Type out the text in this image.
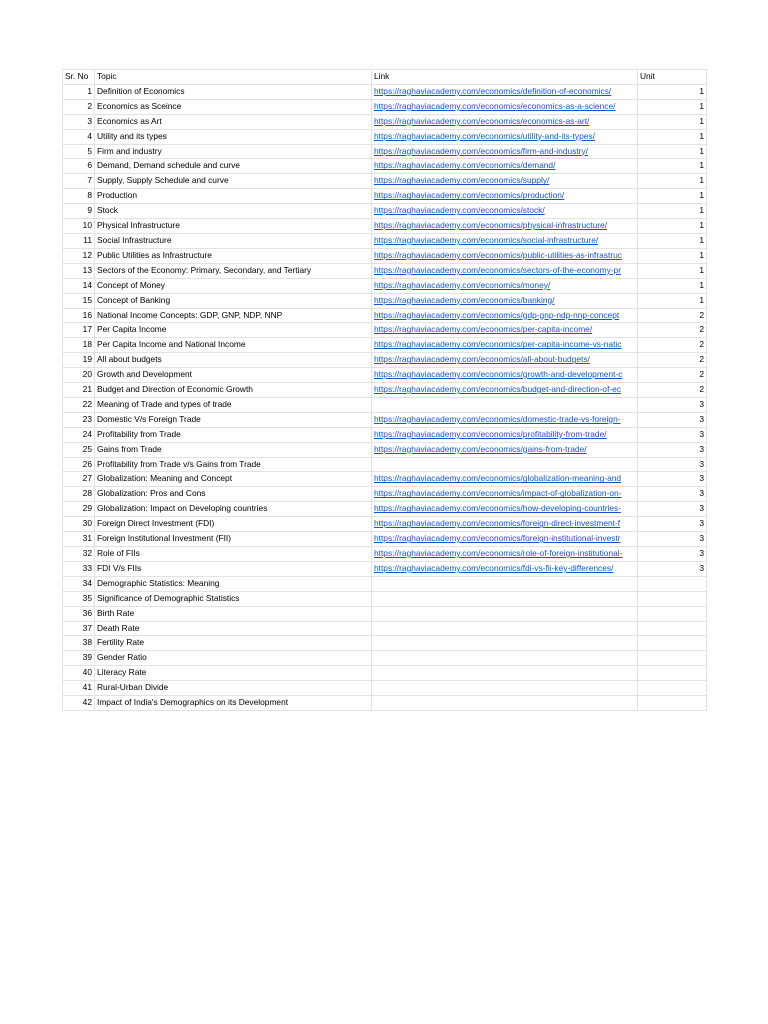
Sr. No	Topic	Link	Unit
1	Definition of Economics	https://raghaviacademy.com/economics/definition-of-economics/	1
2	Economics as Sceince	https://raghaviacademy.com/economics/economics-as-a-science/	1
3	Economics as Art	https://raghaviacademy.com/economics/economics-as-art/	1
4	Utility and its types	https://raghaviacademy.com/economics/utility-and-its-types/	1
5	Firm and industry	https://raghaviacademy.com/economics/firm-and-industry/	1
6	Demand, Demand schedule and curve	https://raghaviacademy.com/economics/demand/	1
7	Supply, Supply Schedule and curve	https://raghaviacademy.com/economics/supply/	1
8	Production	https://raghaviacademy.com/economics/production/	1
9	Stock	https://raghaviacademy.com/economics/stock/	1
10	Physical Infrastructure	https://raghaviacademy.com/economics/physical-infrastructure/	1
11	Social Infrastructure	https://raghaviacademy.com/economics/social-infrastructure/	1
12	Public Utilities as Infrastructure	https://raghaviacademy.com/economics/public-utilities-as-infrastruc	1
13	Sectors of the Economy: Primary, Secondary, and Tertiary	https://raghaviacademy.com/economics/sectors-of-the-economy-pr	1
14	Concept of Money	https://raghaviacademy.com/economics/money/	1
15	Concept of Banking	https://raghaviacademy.com/economics/banking/	1
16	National Income Concepts: GDP, GNP, NDP, NNP	https://raghaviacademy.com/economics/gdp-gnp-ndp-nnp-concept	2
17	Per Capita Income	https://raghaviacademy.com/economics/per-capita-income/	2
18	Per Capita Income and National Income	https://raghaviacademy.com/economics/per-capita-income-vs-natic	2
19	All about budgets	https://raghaviacademy.com/economics/all-about-budgets/	2
20	Growth and Development	https://raghaviacademy.com/economics/growth-and-development-c	2
21	Budget and Direction of Economic Growth	https://raghaviacademy.com/economics/budget-and-direction-of-ec	2
22	Meaning of Trade and types of trade		3
23	Domestic V/s Foreign Trade	https://raghaviacademy.com/economics/domestic-trade-vs-foreign-	3
24	Profitability from Trade	https://raghaviacademy.com/economics/profitability-from-trade/	3
25	Gains from Trade	https://raghaviacademy.com/economics/gains-from-trade/	3
26	Profitability from Trade v/s Gains from Trade		3
27	Globalization: Meaning and Concept	https://raghaviacademy.com/economics/globalization-meaning-and	3
28	Globalization: Pros and Cons	https://raghaviacademy.com/economics/impact-of-globalization-on-	3
29	Globalization: Impact on Developing countries	https://raghaviacademy.com/economics/how-developing-countries-	3
30	Foreign Direct Investment (FDI)	https://raghaviacademy.com/economics/foreign-direct-investment-f	3
31	Foreign Institutional Investment (FII)	https://raghaviacademy.com/economics/foreign-institutional-investr	3
32	Role of FIIs	https://raghaviacademy.com/economics/role-of-foreign-institutional-	3
33	FDI V/s FIIs	https://raghaviacademy.com/economics/fdi-vs-fii-key-differences/	3
34	Demographic Statistics: Meaning		
35	Significance of Demographic Statistics		
36	Birth Rate		
37	Death Rate		
38	Fertility Rate		
39	Gender Ratio		
40	Literacy Rate		
41	Rural-Urban Divide		
42	Impact of India's Demographics on its Development		
